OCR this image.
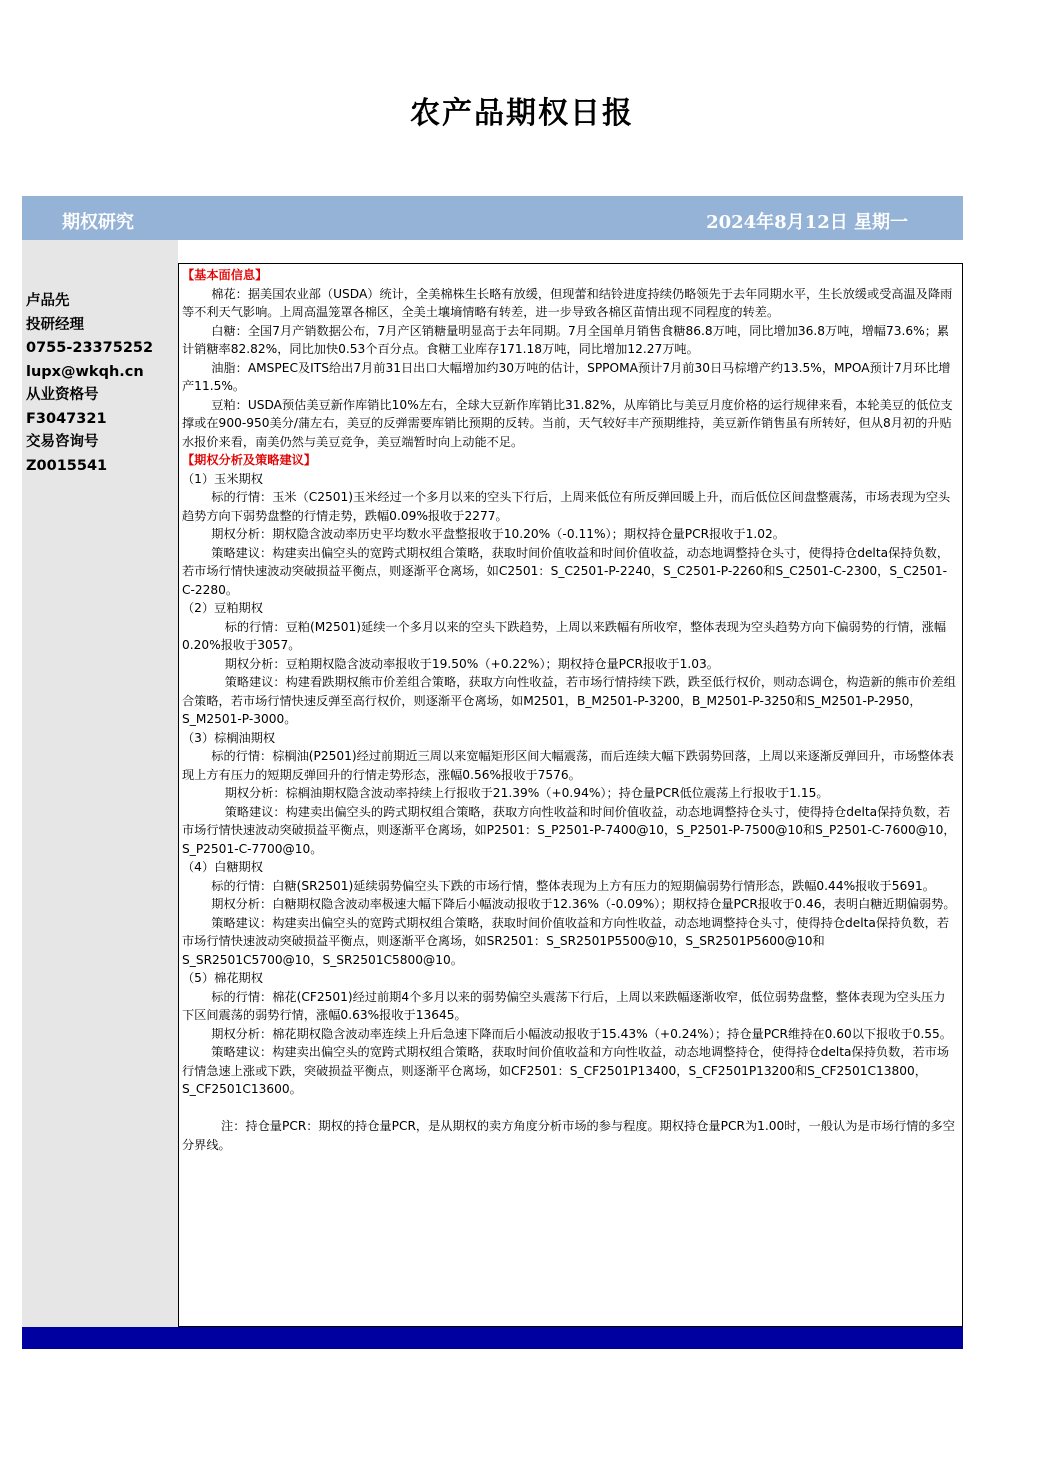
农产品期权日报
期权研究	2024年8月12日 星期一
卢品先
投研经理
0755-23375252
lupx@wkqh.cn
从业资格号
F3047321
交易咨询号
Z0015541

【基本面信息】

棉花：据美国农业部（USDA）统计，全美棉株生长略有放缓，但现蕾和结铃进度持续仍略领先于去年同期水平，生长放缓或受高温及降雨等不利天气影响。上周高温笼罩各棉区，全美土壤墒情略有转差，进一步导致各棉区苗情出现不同程度的转差。

白糖：全国7月产销数据公布，7月产区销糖量明显高于去年同期。7月全国单月销售食糖86.8万吨，同比增加36.8万吨，增幅73.6%；累计销糖率82.82%，同比加快0.53个百分点。食糖工业库存171.18万吨，同比增加12.27万吨。

油脂：AMSPEC及ITS给出7月前31日出口大幅增加约30万吨的估计，SPPOMA预计7月前30日马棕增产约13.5%，MPOA预计7月环比增产11.5%。

豆粕：USDA预估美豆新作库销比10%左右，全球大豆新作库销比31.82%，从库销比与美豆月度价格的运行规律来看，本轮美豆的低位支撑或在900-950美分/蒲左右，美豆的反弹需要库销比预期的反转。当前，天气较好丰产预期维持，美豆新作销售虽有所转好，但从8月初的升贴水报价来看，南美仍然与美豆竞争，美豆端暂时向上动能不足。

【期权分析及策略建议】

（1）玉米期权

标的行情：玉米（C2501)玉米经过一个多月以来的空头下行后，上周来低位有所反弹回暖上升，而后低位区间盘整震荡，市场表现为空头趋势方向下弱势盘整的行情走势，跌幅0.09%报收于2277。

期权分析：期权隐含波动率历史平均数水平盘整报收于10.20%（-0.11%）；期权持仓量PCR报收于1.02。

策略建议：构建卖出偏空头的宽跨式期权组合策略，获取时间价值收益和时间价值收益，动态地调整持仓头寸，使得持仓delta保持负数，若市场行情快速波动突破损益平衡点，则逐渐平仓离场，如C2501：S_C2501-P-2240，S_C2501-P-2260和S_C2501-C-2300，S_C2501-C-2280。

（2）豆粕期权

标的行情：豆粕(M2501)延续一个多月以来的空头下跌趋势，上周以来跌幅有所收窄，整体表现为空头趋势方向下偏弱势的行情，涨幅0.20%报收于3057。

期权分析：豆粕期权隐含波动率报收于19.50%（+0.22%）；期权持仓量PCR报收于1.03。

策略建议：构建看跌期权熊市价差组合策略，获取方向性收益，若市场行情持续下跌，跌至低行权价，则动态调仓，构造新的熊市价差组合策略，若市场行情快速反弹至高行权价，则逐渐平仓离场，如M2501，B_M2501-P-3200，B_M2501-P-3250和S_M2501-P-2950，S_M2501-P-3000。

（3）棕榈油期权

标的行情：棕榈油(P2501)经过前期近三周以来宽幅矩形区间大幅震荡，而后连续大幅下跌弱势回落，上周以来逐渐反弹回升，市场整体表现上方有压力的短期反弹回升的行情走势形态，涨幅0.56%报收于7576。

期权分析：棕榈油期权隐含波动率持续上行报收于21.39%（+0.94%）；持仓量PCR低位震荡上行报收于1.15。

策略建议：构建卖出偏空头的跨式期权组合策略，获取方向性收益和时间价值收益，动态地调整持仓头寸，使得持仓delta保持负数，若市场行情快速波动突破损益平衡点，则逐渐平仓离场，如P2501：S_P2501-P-7400@10，S_P2501-P-7500@10和S_P2501-C-7600@10，S_P2501-C-7700@10。

（4）白糖期权

标的行情：白糖(SR2501)延续弱势偏空头下跌的市场行情，整体表现为上方有压力的短期偏弱势行情形态，跌幅0.44%报收于5691。

期权分析：白糖期权隐含波动率极速大幅下降后小幅波动报收于12.36%（-0.09%）；期权持仓量PCR报收于0.46，表明白糖近期偏弱势。

策略建议：构建卖出偏空头的宽跨式期权组合策略，获取时间价值收益和方向性收益，动态地调整持仓头寸，使得持仓delta保持负数，若市场行情快速波动突破损益平衡点，则逐渐平仓离场，如SR2501：S_SR2501P5500@10，S_SR2501P5600@10和S_SR2501C5700@10，S_SR2501C5800@10。

（5）棉花期权

标的行情：棉花(CF2501)经过前期4个多月以来的弱势偏空头震荡下行后，上周以来跌幅逐渐收窄，低位弱势盘整，整体表现为空头压力下区间震荡的弱势行情，涨幅0.63%报收于13645。

期权分析：棉花期权隐含波动率连续上升后急速下降而后小幅波动报收于15.43%（+0.24%）；持仓量PCR维持在0.60以下报收于0.55。

策略建议：构建卖出偏空头的宽跨式期权组合策略，获取时间价值收益和方向性收益，动态地调整持仓，使得持仓delta保持负数，若市场行情急速上涨或下跌，突破损益平衡点，则逐渐平仓离场，如CF2501：S_CF2501P13400，S_CF2501P13200和S_CF2501C13800，S_CF2501C13600。

注：持仓量PCR：期权的持仓量PCR，是从期权的卖方角度分析市场的参与程度。期权持仓量PCR为1.00时，一般认为是市场行情的多空分界线。
